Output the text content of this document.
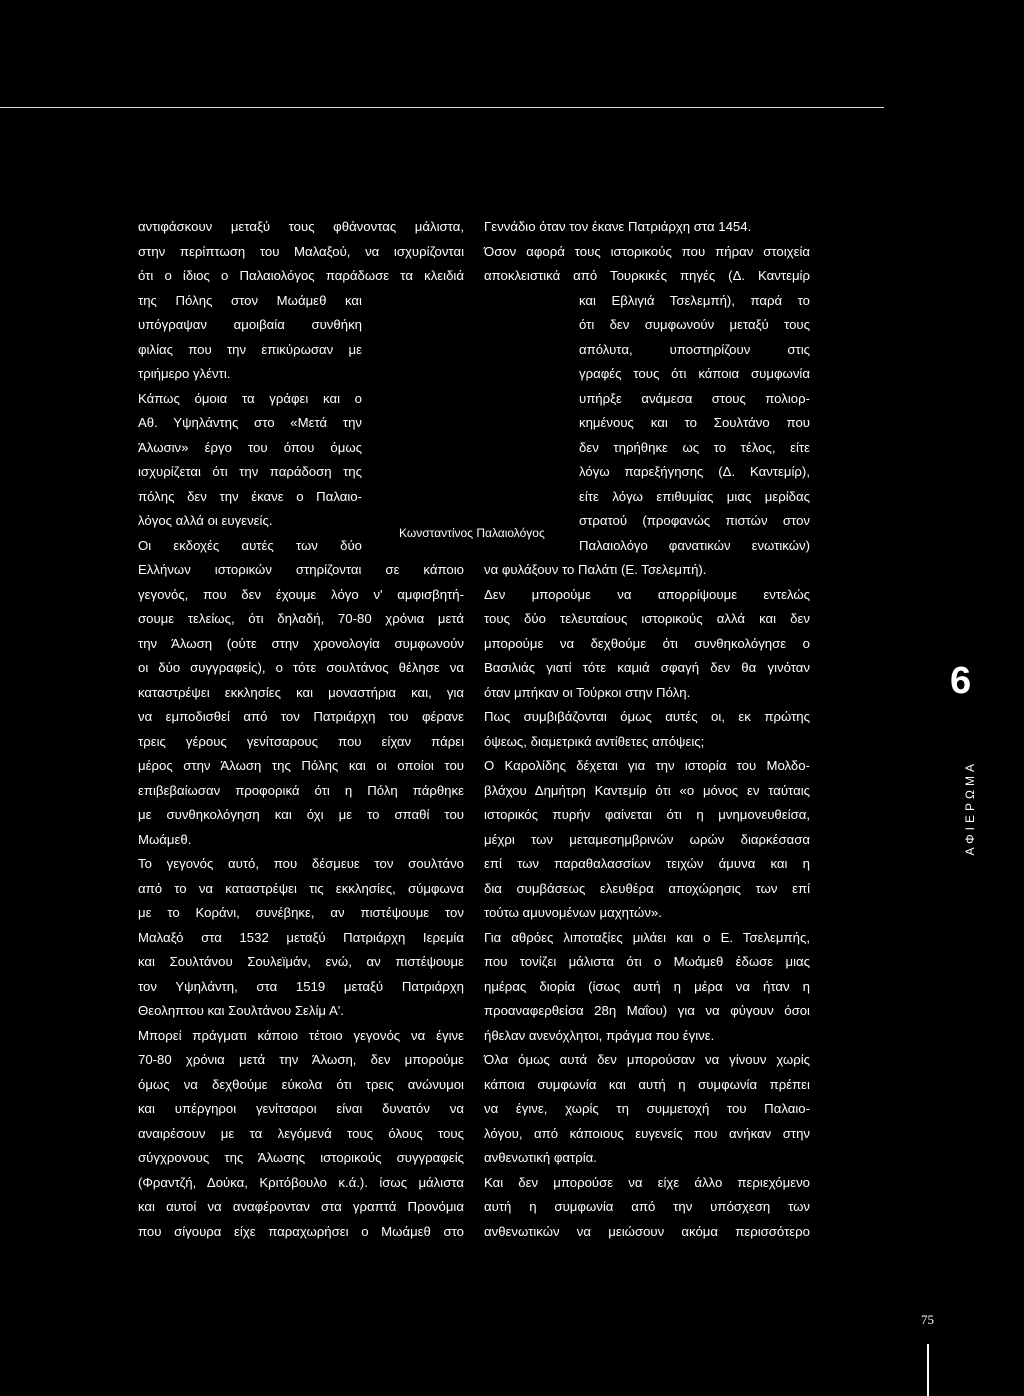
αντιφάσκουν μεταξύ τους φθάνοντας μάλιστα,
στην περίπτωση του Μαλαξού, να ισχυρίζονται
ότι ο ίδιος ο Παλαιολόγος παράδωσε τα κλειδιά
της Πόλης στον Μωάμεθ και
υπόγραψαν αμοιβαία συνθήκη
φιλίας που την επικύρωσαν με
τριήμερο γλέντι.
Κάπως όμοια τα γράφει και ο
Αθ. Υψηλάντης στο «Μετά την
Άλωσιν» έργο του όπου όμως
ισχυρίζεται ότι την παράδοση της
πόλης δεν την έκανε ο Παλαιο-
λόγος αλλά οι ευγενείς.
Οι εκδοχές αυτές των δύο
Ελλήνων ιστορικών στηρίζονται σε κάποιο
γεγονός, που δεν έχουμε λόγο ν' αμφισβητή-
σουμε τελείως, ότι δηλαδή, 70-80 χρόνια μετά
την Άλωση (ούτε στην χρονολογία συμφωνούν
οι δύο συγγραφείς), ο τότε σουλτάνος θέλησε να
καταστρέψει εκκλησίες και μοναστήρια και, για
να εμποδισθεί από τον Πατριάρχη του φέρανε
τρεις γέρους γενίτσαρους που είχαν πάρει
μέρος στην Άλωση της Πόλης και οι οποίοι του
επιβεβαίωσαν προφορικά ότι η Πόλη πάρθηκε
με συνθηκολόγηση και όχι με το σπαθί του
Μωάμεθ.
Το γεγονός αυτό, που δέσμευε τον σουλτάνο
από το να καταστρέψει τις εκκλησίες, σύμφωνα
με το Κοράνι, συνέβηκε, αν πιστέψουμε τον
Μαλαξό στα 1532 μεταξύ Πατριάρχη Ιερεμία
και Σουλτάνου Σουλεϊμάν, ενώ, αν πιστέψουμε
τον Υψηλάντη, στα 1519 μεταξύ Πατριάρχη
Θεοληπτου και Σουλτάνου Σελίμ Α'.
Μπορεί πράγματι κάποιο τέτοιο γεγονός να έγινε
70-80 χρόνια μετά την Άλωση, δεν μπορούμε
όμως να δεχθούμε εύκολα ότι τρεις ανώνυμοι
και υπέργηροι γενίτσαροι είναι δυνατόν να
αναιρέσουν με τα λεγόμενά τους όλους τους
σύγχρονους της Άλωσης ιστορικούς συγγραφείς
(Φραντζή, Δούκα, Κριτόβουλο κ.ά.). ίσως μάλιστα
και αυτοί να αναφέρονταν στα γραπτά Προνόμια
που σίγουρα είχε παραχωρήσει ο Μωάμεθ στο
Γεννάδιο όταν τον έκανε Πατριάρχη στα 1454.
Όσον αφορά τους ιστορικούς που πήραν στοιχεία
αποκλειστικά από Τουρκικές πηγές (Δ. Καντεμίρ
και Εβλιγιά Τσελεμπή), παρά το
ότι δεν συμφωνούν μεταξύ τους
απόλυτα, υποστηρίζουν στις
γραφές τους ότι κάποια συμφωνία
υπήρξε ανάμεσα στους πολιορ-
κημένους και το Σουλτάνο που
δεν τηρήθηκε ως το τέλος, είτε
λόγω παρεξήγησης (Δ. Καντεμίρ),
είτε λόγω επιθυμίας μιας μερίδας
στρατού (προφανώς πιστών στον
Παλαιολόγο φανατικών ενωτικών)
να φυλάξουν το Παλάτι (Ε. Τσελεμπή).
Δεν μπορούμε να απορρίψουμε εντελώς
τους δύο τελευταίους ιστορικούς αλλά και δεν
μπορούμε να δεχθούμε ότι συνθηκολόγησε ο
Βασιλιάς γιατί τότε καμιά σφαγή δεν θα γινόταν
όταν μπήκαν οι Τούρκοι στην Πόλη.
Πως συμβιβάζονται όμως αυτές οι, εκ πρώτης
όψεως, διαμετρικά αντίθετες απόψεις;
Ο Καρολίδης δέχεται για την ιστορία του Μολδο-
βλάχου Δημήτρη Καντεμίρ ότι «ο μόνος εν ταύταις
ιστορικός πυρήν φαίνεται ότι η μνημονευθείσα,
μέχρι των μεταμεσημβρινών ωρών διαρκέσασα
επί των παραθαλασσίων τειχών άμυνα και η
δια συμβάσεως ελευθέρα αποχώρησις των επί
τούτω αμυνομένων μαχητών».
Για αθρόες λιποταξίες μιλάει και ο Ε. Τσελεμπής,
που τονίζει μάλιστα ότι ο Μωάμεθ έδωσε μιας
ημέρας διορία (ίσως αυτή η μέρα να ήταν η
προαναφερθείσα 28η Μαΐου) για να φύγουν όσοι
ήθελαν ανενόχλητοι, πράγμα που έγινε.
Όλα όμως αυτά δεν μπορούσαν να γίνουν χωρίς
κάποια συμφωνία και αυτή η συμφωνία πρέπει
να έγινε, χωρίς τη συμμετοχή του Παλαιο-
λόγου, από κάποιους ευγενείς που ανήκαν στην
ανθενωτική φατρία.
Και δεν μπορούσε να είχε άλλο περιεχόμενο
αυτή η συμφωνία από την υπόσχεση των
ανθενωτικών να μειώσουν ακόμα περισσότερο
Κωνσταντίνος Παλαιολόγος
6
ΑΦΙΕΡΩΜΑ
75
